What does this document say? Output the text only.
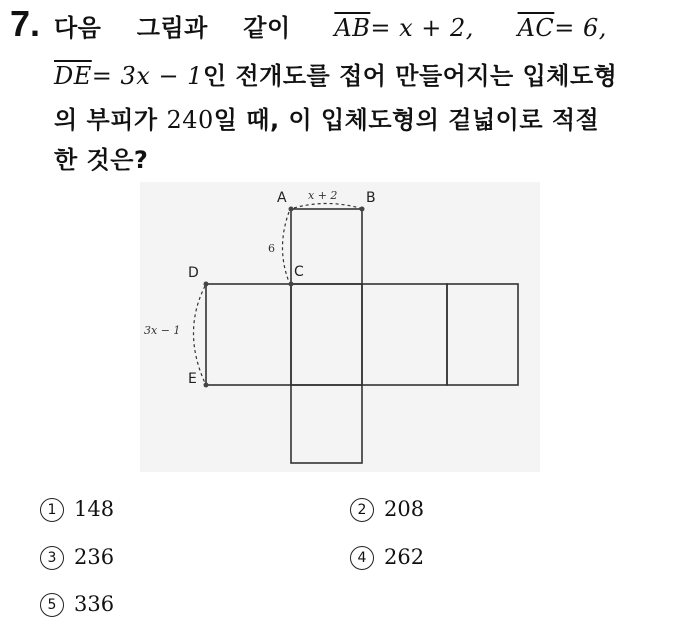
7. 다음    그림과    같이 $\overline{AB}= x + 2$, $\overline{AC}= 6$,
$\overline{DE}= 3x - 1$인 전개도를 접어 만들어지는 입체도형
의 부피가 240일 때, 이 입체도형의 겉넓이로 적절
한 것은?
A	B
C
D
E
x + 2
6
3x − 1
1 148	2 208
3 236	4 262
5 336
